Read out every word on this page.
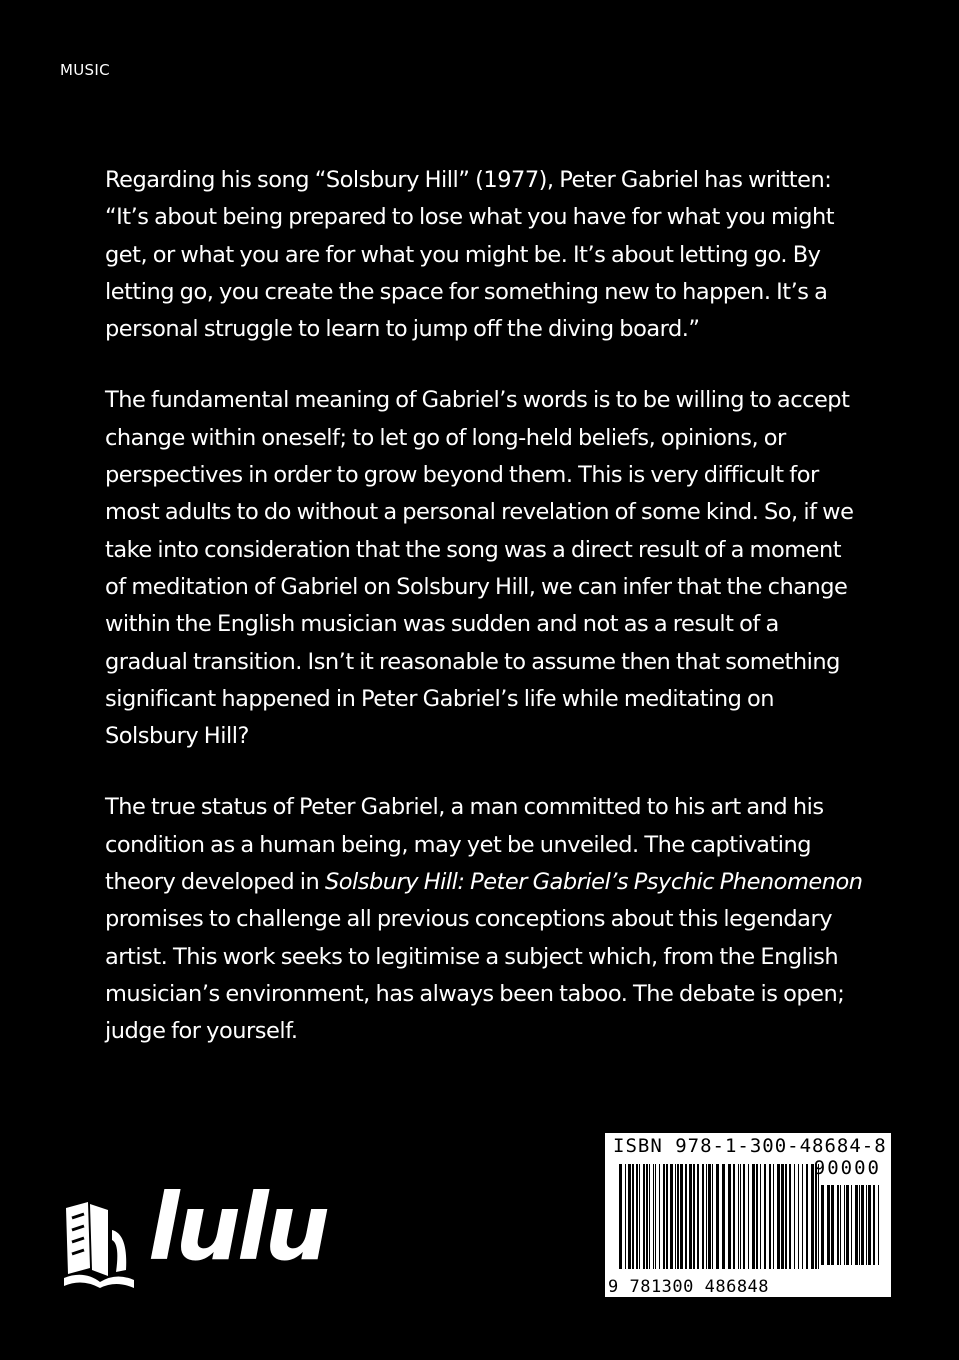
MUSIC

Regarding his song “Solsbury Hill” (1977), Peter Gabriel has written: “It’s about being prepared to lose what you have for what you might get, or what you are for what you might be. It’s about letting go. By letting go, you create the space for something new to happen. It’s a personal struggle to learn to jump off the diving board.”

The fundamental meaning of Gabriel’s words is to be willing to accept change within oneself; to let go of long-held beliefs, opinions, or perspectives in order to grow beyond them. This is very difficult for most adults to do without a personal revelation of some kind. So, if we take into consideration that the song was a direct result of a moment of meditation of Gabriel on Solsbury Hill, we can infer that the change within the English musician was sudden and not as a result of a gradual transition. Isn’t it reasonable to assume then that something significant happened in Peter Gabriel’s life while meditating on Solsbury Hill?

The true status of Peter Gabriel, a man committed to his art and his condition as a human being, may yet be unveiled. The captivating theory developed in Solsbury Hill: Peter Gabriel’s Psychic Phenomenon promises to challenge all previous conceptions about this legendary artist. This work seeks to legitimise a subject which, from the English musician’s environment, has always been taboo. The debate is open; judge for yourself.

ISBN 978-1-300-48684-8
90000
9 781300 486848
lulu
